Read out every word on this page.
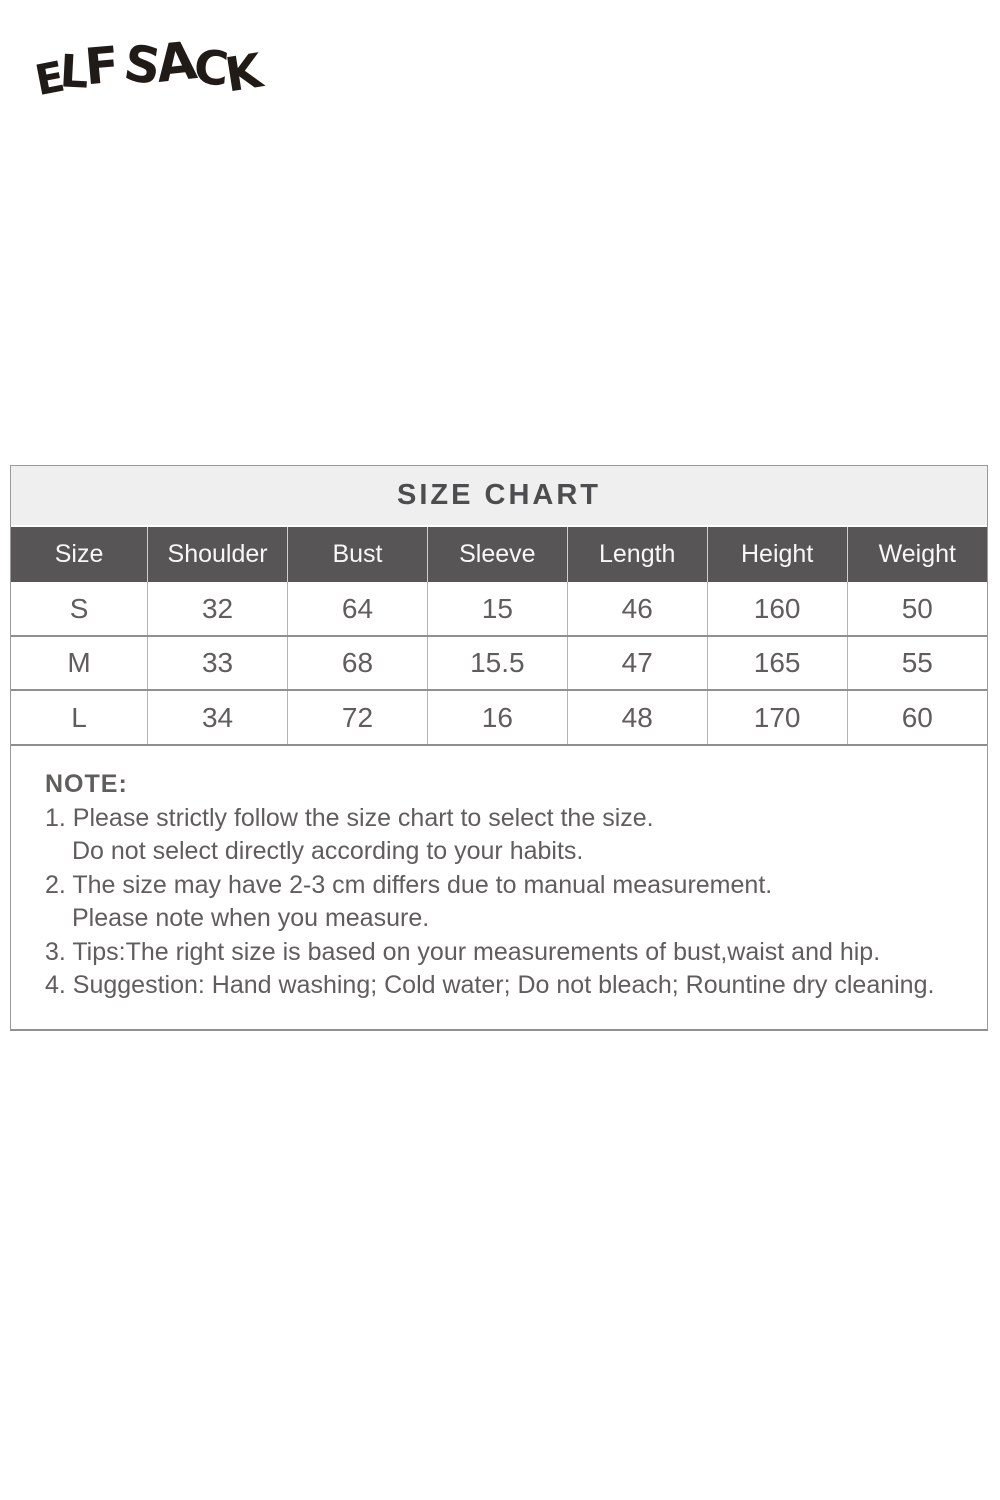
ELFSACK
SIZE CHART
Size	Shoulder	Bust	Sleeve	Length	Height	Weight
S	32	64	15	46	160	50
M	33	68	15.5	47	165	55
L	34	72	16	48	170	60
NOTE:
1. Please strictly follow the size chart to select the size.
Do not select directly according to your habits.
2. The size may have 2-3 cm differs due to manual measurement.
Please note when you measure.
3. Tips:The right size is based on your measurements of bust,waist and hip.
4. Suggestion: Hand washing; Cold water; Do not bleach; Rountine dry cleaning.
